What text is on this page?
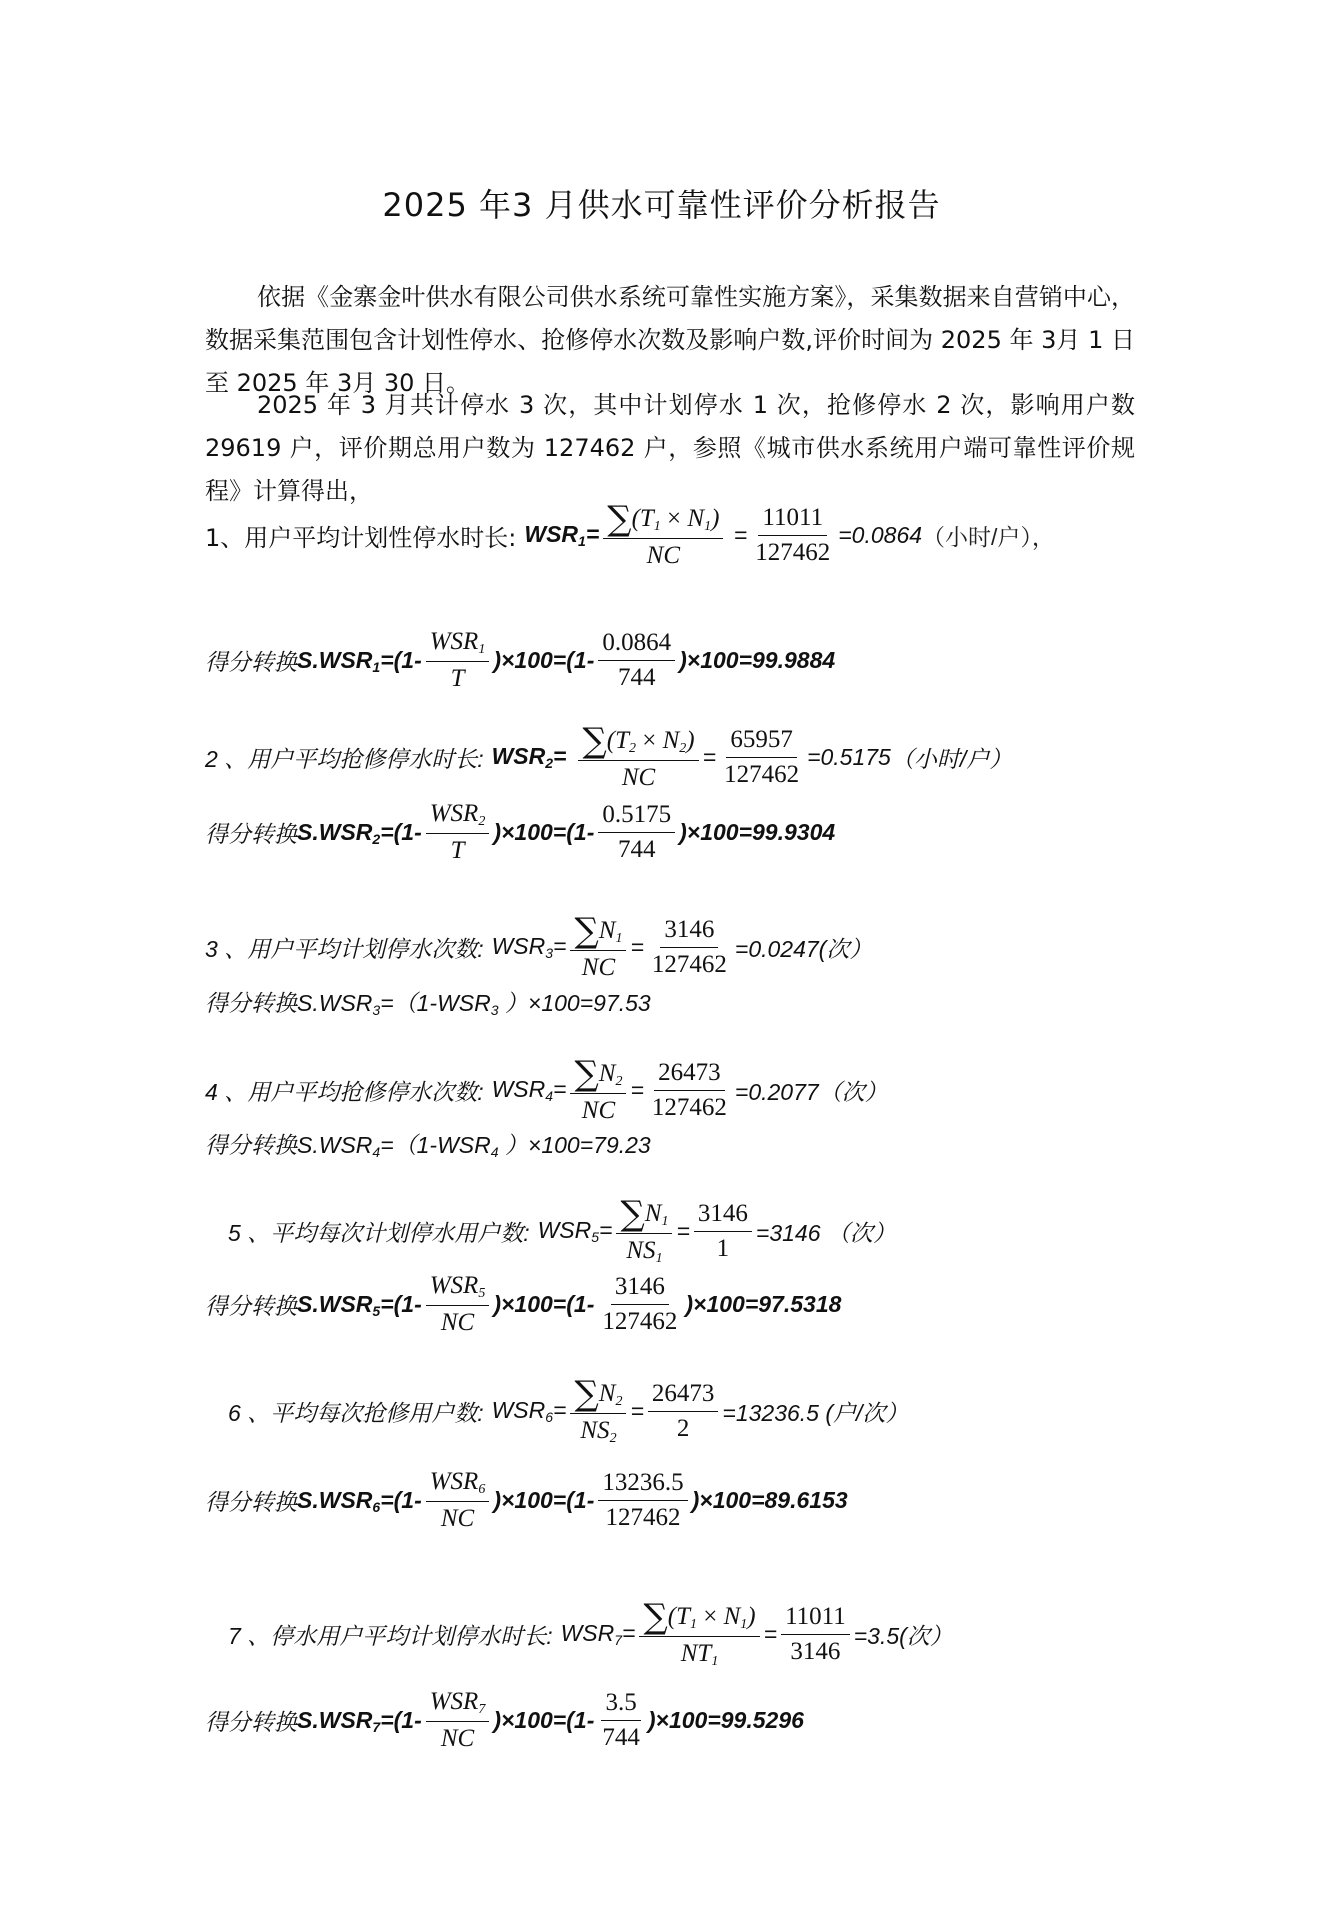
2025 年3 月供水可靠性评价分析报告
依据《金寨金叶供水有限公司供水系统可靠性实施方案》，采集数据来自营销中心，数据采集范围包含计划性停水、抢修停水次数及影响户数,评价时间为 2025 年 3月 1 日至 2025 年 3月 30 日。
2025 年 3 月共计停水 3 次，其中计划停水 1 次，抢修停水 2 次，影响用户数 29619 户，评价期总用户数为 127462 户，参照《城市供水系统用户端可靠性评价规程》计算得出，
1、 用户平均计划性停水时长: $WSR_1= \frac{\sum(T_1 \times N_1)}{NC} = \frac{11011}{127462} =0.0864$ （小时/户），
得分转换 $S.WSR_1=(1- \frac{WSR_1}{T} )\times 100=(1- \frac{0.0864}{744} )\times 100=99.9884$
2 、 用户平均抢修停水时长: $WSR_2= \frac{\sum(T_2 \times N_2)}{NC} = \frac{65957}{127462} =0.5175$ （小时/户）
得分转换 $S.WSR_2=(1- \frac{WSR_2}{T} )\times 100=(1- \frac{0.5175}{744} )\times 100=99.9304$
3 、 用户平均计划停水次数: $WSR_3= \frac{\sum N_1}{NC} = \frac{3146}{127462} =0.0247$(次）
得分转换 $S.WSR_3=(1-WSR_3$ ）×100=97.53
4 、 用户平均抢修停水次数: $WSR_4= \frac{\sum N_2}{NC} = \frac{26473}{127462} =0.2077$（次）
得分转换 $S.WSR_4=(1-WSR_4$ ）×100=79.23
5 、 平均每次计划停水用户数: $WSR_5= \frac{\sum N_1}{NS_1} = \frac{3146}{1} =3146$ （次）
得分转换 $S.WSR_5=(1- \frac{WSR_5}{NC} )\times 100=(1- \frac{3146}{127462} )\times 100=97.5318$
6 、 平均每次抢修用户数: $WSR_6= \frac{\sum N_2}{NS_2} = \frac{26473}{2} =13236.5$ (户/次）
得分转换 $S.WSR_6=(1- \frac{WSR_6}{NC} )\times 100=(1- \frac{13236.5}{127462} )\times 100=89.6153$
7 、 停水用户平均计划停水时长: $WSR_7= \frac{\sum(T_1 \times N_1)}{NT_1} = \frac{11011}{3146} =3.5$(次）
得分转换 $S.WSR_7=(1- \frac{WSR_7}{NC} )\times 100=(1- \frac{3.5}{744} )\times 100=99.5296$
